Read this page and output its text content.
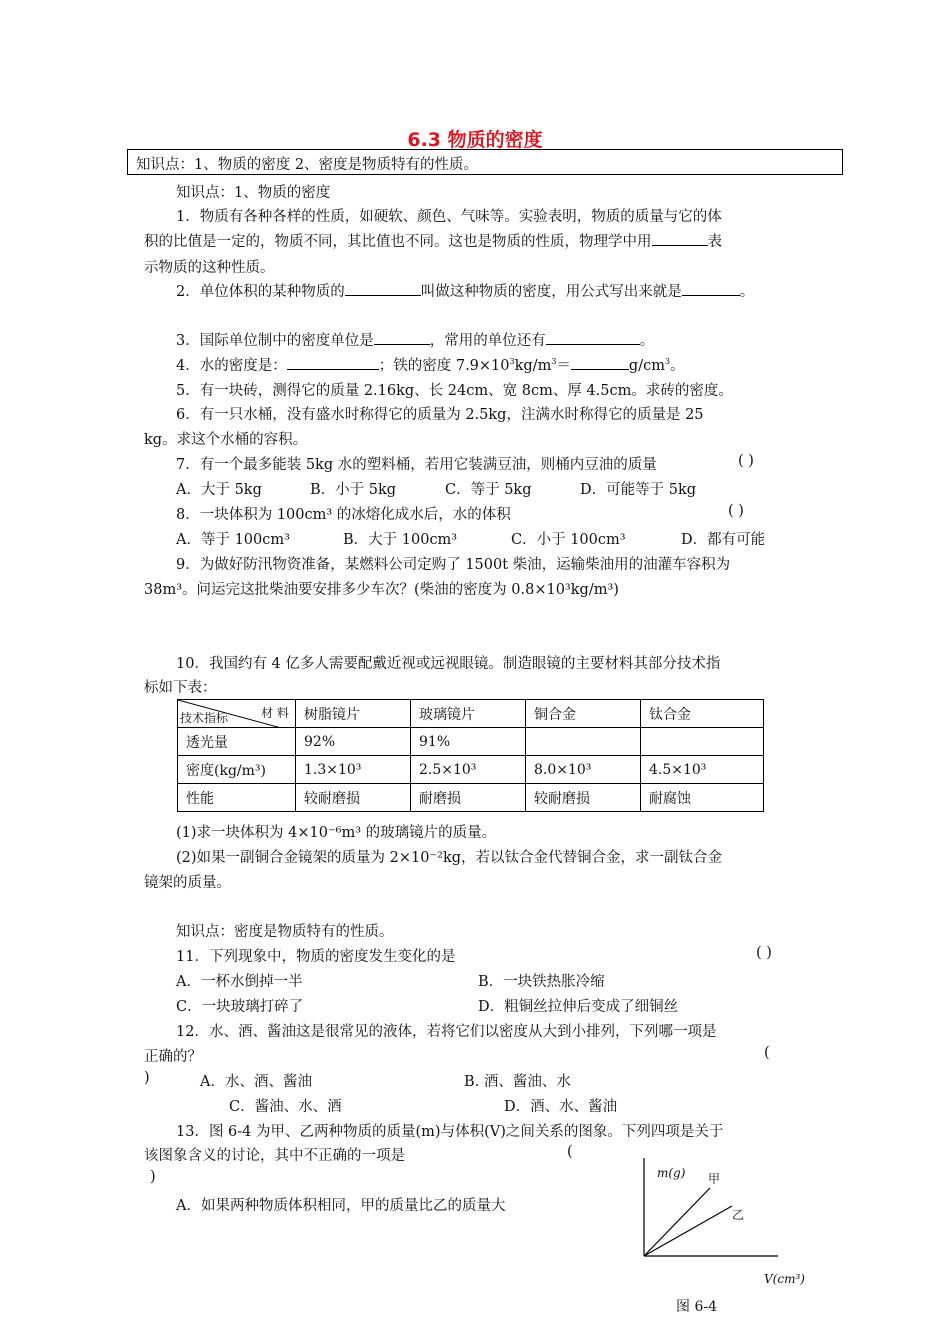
6.3 物质的密度
知识点：1、物质的密度 2、密度是物质特有的性质。
知识点：1、物质的密度
1．物质有各种各样的性质，如硬软、颜色、气味等。实验表明，物质的质量与它的体
积的比值是一定的，物质不同，其比值也不同。这也是物质的性质，物理学中用	表
示物质的这种性质。
2．单位体积的某种物质的	叫做这种物质的密度，用公式写出来就是	。
3．国际单位制中的密度单位是	，常用的单位还有	。
4．水的密度是：	；铁的密度 $7.9\times 10^3kg/m^3=$	$g/cm^3$。
5．有一块砖，测得它的质量 2.16kg、长 24cm、宽 8cm、厚 4.5cm。求砖的密度。
6．有一只水桶，没有盛水时称得它的质量为 2.5kg，注满水时称得它的质量是 25
kg。求这个水桶的容积。
7．有一个最多能装 5kg 水的塑料桶，若用它装满豆油，则桶内豆油的质量	( )
A．大于 5kg	B．小于 5kg	C．等于 5kg	D．可能等于 5kg
8．一块体积为 100cm³ 的冰熔化成水后，水的体积	( )
A．等于 100cm³	B．大于 100cm³	C．小于 100cm³	D．都有可能
9．为做好防汛物资准备，某燃料公司定购了 1500t 柴油，运输柴油用的油灌车容积为
38m³。问运完这批柴油要安排多少车次？(柴油的密度为 0.8×10³kg/m³)
10．我国约有 4 亿多人需要配戴近视或远视眼镜。制造眼镜的主要材料其部分技术指
标如下表：
材 料
技术指标	树脂镜片	玻璃镜片	铜合金	钛合金
透光量	92%	91%		
密度(kg/m³)	1.3×10³	2.5×10³	8.0×10³	4.5×10³
性能	较耐磨损	耐磨损	较耐磨损	耐腐蚀
(1)求一块体积为 4×10⁻⁶m³ 的玻璃镜片的质量。
(2)如果一副铜合金镜架的质量为 2×10⁻²kg，若以钛合金代替铜合金，求一副钛合金
镜架的质量。
知识点：密度是物质特有的性质。
11．下列现象中，物质的密度发生变化的是	( )
A．一杯水倒掉一半	B．一块铁热胀冷缩
C．一块玻璃打碎了	D．粗铜丝拉伸后变成了细铜丝
12．水、酒、酱油这是很常见的液体，若将它们以密度从大到小排列，下列哪一项是
正确的？	(
)	A．水、酒、酱油	B. 酒、酱油、水
C．酱油、水、酒	D．酒、水、酱油
13．图 6-4 为甲、乙两种物质的质量(m)与体积(V)之间关系的图象。下列四项是关于
该图象含义的讨论，其中不正确的一项是	(
)
A．如果两种物质体积相同，甲的质量比乙的质量大
m(g) 甲
乙
V(cm³)
图 6-4
